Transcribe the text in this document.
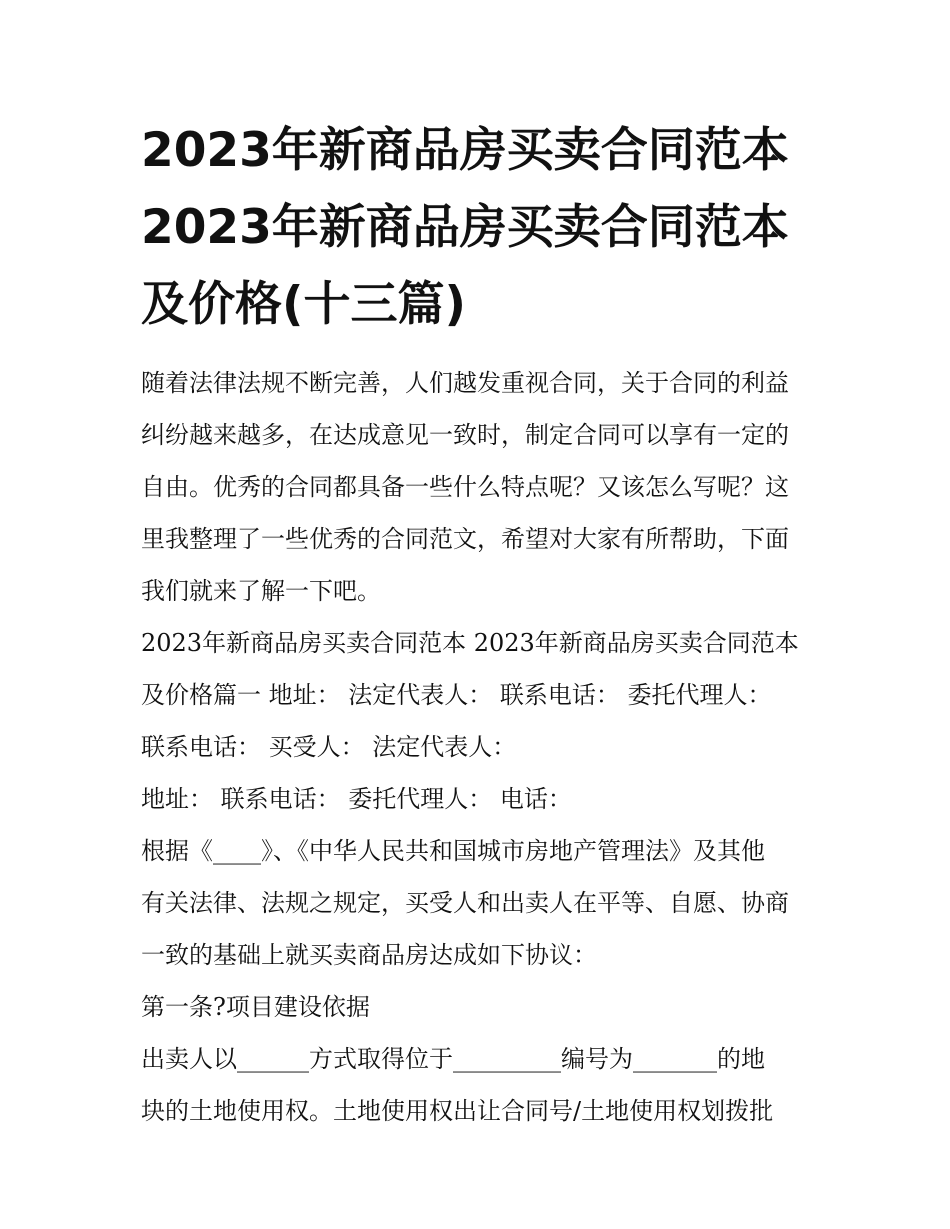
2023年新商品房买卖合同范本
2023年新商品房买卖合同范本
及价格(十三篇)

随着法律法规不断完善，人们越发重视合同，关于合同的利益
纠纷越来越多，在达成意见一致时，制定合同可以享有一定的
自由。优秀的合同都具备一些什么特点呢？又该怎么写呢？这
里我整理了一些优秀的合同范文，希望对大家有所帮助，下面
我们就来了解一下吧。

2023年新商品房买卖合同范本 2023年新商品房买卖合同范本
及价格篇一 地址： 法定代表人： 联系电话： 委托代理人：
联系电话： 买受人： 法定代表人：
地址： 联系电话： 委托代理人： 电话：

根据《____》、《中华人民共和国城市房地产管理法》及其他
有关法律、法规之规定，买受人和出卖人在平等、自愿、协商
一致的基础上就买卖商品房达成如下协议：

第一条?项目建设依据

出卖人以______方式取得位于_________编号为_______的地
块的土地使用权。土地使用权出让合同号/土地使用权划拨批
